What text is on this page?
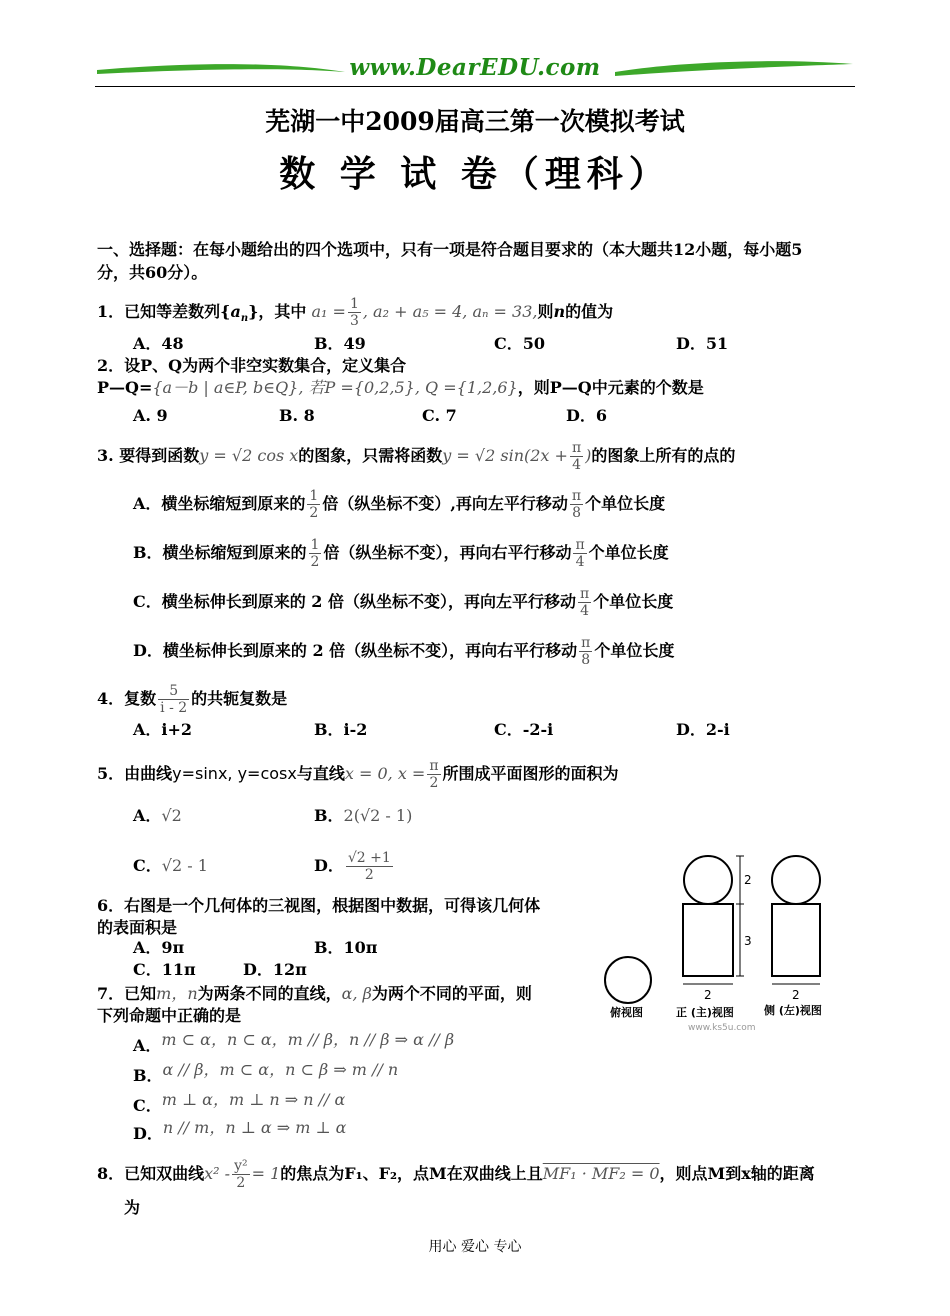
www.DearEDU.com
芜湖一中2009届高三第一次模拟考试
数 学 试 卷（理科）
一、选择题：在每小题给出的四个选项中，只有一项是符合题目要求的（本大题共12小题，每小题5
分，共60分）。
1．已知等差数列$\{a_n\}$，其中 $a_1 = \frac{1}{3}$ , a₂ + a₅ = 4, aₙ = 33,则n的值为
A．48	B．49	C．50	D．51
2．设P、Q为两个非空实数集合，定义集合
P—Q={a－b | a∈P, b∈Q}, 若P ={0,2,5}, Q ={1,2,6}，则P—Q中元素的个数是
A. 9	B. 8	C. 7	D．6
3. 要得到函数y = √2 cos x的图象，只需将函数y = √2 $\sin(2x + \frac{\pi}{4}$ )的图象上所有的点的
A．横坐标缩短到原来的 $\frac{1}{2}$ 倍（纵坐标不变）,再向左平行移动 $\frac{\pi}{8}$ 个单位长度
B．横坐标缩短到原来的 $\frac{1}{2}$ 倍（纵坐标不变），再向右平行移动 $\frac{\pi}{4}$ 个单位长度
C．横坐标伸长到原来的 2 倍（纵坐标不变），再向左平行移动 $\frac{\pi}{4}$ 个单位长度
D．横坐标伸长到原来的 2 倍（纵坐标不变），再向右平行移动 $\frac{\pi}{8}$ 个单位长度
4．复数 $\frac{5}{i - 2}$ 的共轭复数是
A．i+2	B．i-2	C．-2-i	D．2-i
5．由曲线y=sinx, y=cosx与直线x = 0, $x = \frac{\pi}{2}$ 所围成平面图形的面积为
A．√2	B．2(√2 - 1)
C．√2 - 1	D． $\frac{√2 +1}{2}$
6．右图是一个几何体的三视图，根据图中数据，可得该几何体
的表面积是
A．9π	B．10π
C．11π	D．12π
2
3
2	2
俯视图	正 (主)视图	侧 (左)视图
www.ks5u.com
7．已知m，n为两条不同的直线，α, β为两个不同的平面，则
下列命题中正确的是
A．m ⊂ α，n ⊂ α，m // β，n // β ⇒ α // β
B．α // β，m ⊂ α，n ⊂ β ⇒ m // n
C．m ⊥ α，m ⊥ n ⇒ n // α
D．n // m，n ⊥ α ⇒ m ⊥ α
8．已知双曲线$x^2 - \frac{\text{y²}}{2} = 1$的焦点为F₁、F₂，点M在双曲线上且MF₁ · MF₂ = 0，则点M到x轴的距离
为
用心 爱心 专心
